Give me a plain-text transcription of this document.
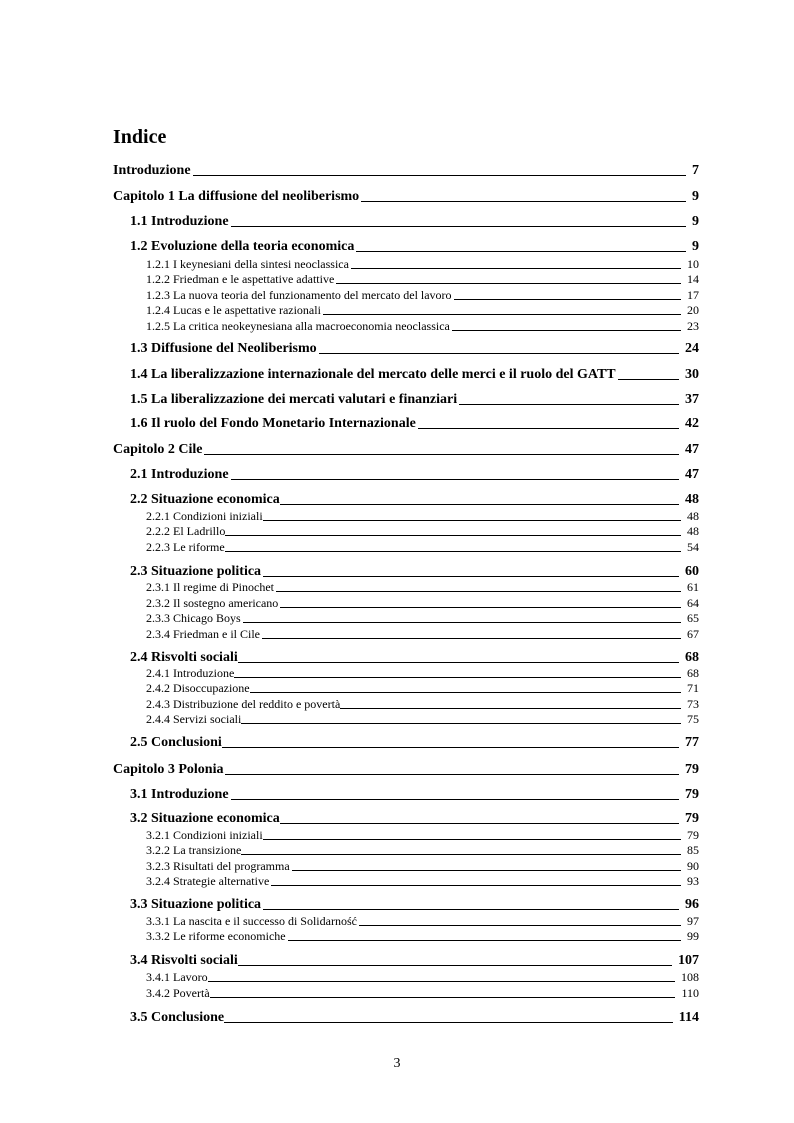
Indice
Introduzione	7
Capitolo 1 La diffusione del neoliberismo	9
1.1 Introduzione	9
1.2 Evoluzione della teoria economica	9
1.2.1 I keynesiani della sintesi neoclassica	10
1.2.2 Friedman e le aspettative adattive	14
1.2.3 La nuova teoria del funzionamento del mercato del lavoro	17
1.2.4 Lucas e le aspettative razionali	20
1.2.5 La critica neokeynesiana alla macroeconomia neoclassica	23
1.3 Diffusione del Neoliberismo	24
1.4 La liberalizzazione internazionale del mercato delle merci e il ruolo del GATT	30
1.5 La liberalizzazione dei mercati valutari e finanziari	37
1.6 Il ruolo del Fondo Monetario Internazionale	42
Capitolo 2 Cile	47
2.1 Introduzione	47
2.2 Situazione economica	48
2.2.1 Condizioni iniziali	48
2.2.2 El Ladrillo	48
2.2.3 Le riforme	54
2.3 Situazione politica	60
2.3.1 Il regime di Pinochet	61
2.3.2 Il sostegno americano	64
2.3.3 Chicago Boys	65
2.3.4 Friedman e il Cile	67
2.4 Risvolti sociali	68
2.4.1 Introduzione	68
2.4.2 Disoccupazione	71
2.4.3 Distribuzione del reddito e povertà	73
2.4.4 Servizi sociali	75
2.5 Conclusioni	77
Capitolo 3 Polonia	79
3.1 Introduzione	79
3.2 Situazione economica	79
3.2.1 Condizioni iniziali	79
3.2.2 La transizione	85
3.2.3 Risultati del programma	90
3.2.4 Strategie alternative	93
3.3 Situazione politica	96
3.3.1 La nascita e il successo di Solidarność	97
3.3.2 Le riforme economiche	99
3.4 Risvolti sociali	107
3.4.1 Lavoro	108
3.4.2 Povertà	110
3.5 Conclusione	114
3
